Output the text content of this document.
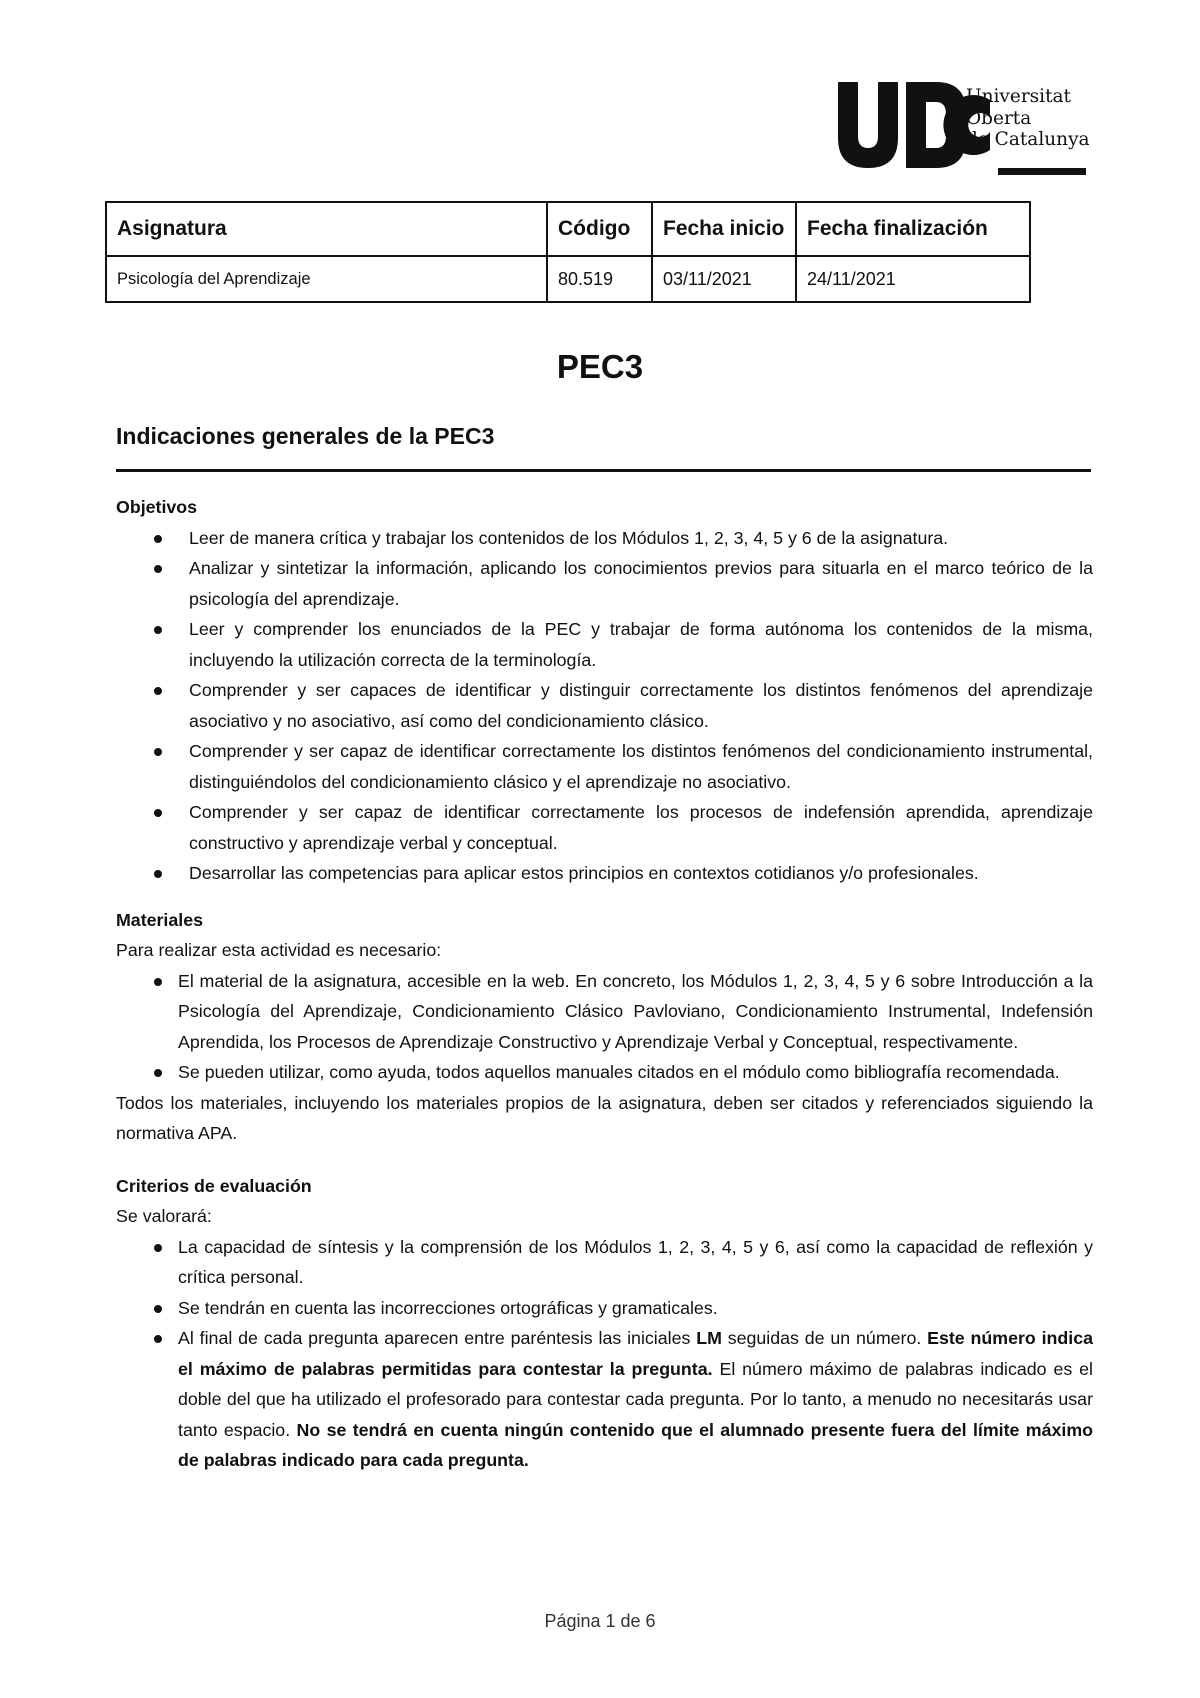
Universitat
Oberta
de Catalunya
Asignatura	Código	Fecha inicio	Fecha finalización
Psicología del Aprendizaje	80.519	03/11/2021	24/11/2021
PEC3
Indicaciones generales de la PEC3

Objetivos

Leer de manera crítica y trabajar los contenidos de los Módulos 1, 2, 3, 4, 5 y 6 de la asignatura.
Analizar y sintetizar la información, aplicando los conocimientos previos para situarla en el marco teórico de la psicología del aprendizaje.
Leer y comprender los enunciados de la PEC y trabajar de forma autónoma los contenidos de la misma, incluyendo la utilización correcta de la terminología.
Comprender y ser capaces de identificar y distinguir correctamente los distintos fenómenos del aprendizaje asociativo y no asociativo, así como del condicionamiento clásico.
Comprender y ser capaz de identificar correctamente los distintos fenómenos del condicionamiento instrumental, distinguiéndolos del condicionamiento clásico y el aprendizaje no asociativo.
Comprender y ser capaz de identificar correctamente los procesos de indefensión aprendida, aprendizaje constructivo y aprendizaje verbal y conceptual.
Desarrollar las competencias para aplicar estos principios en contextos cotidianos y/o profesionales.

Materiales

Para realizar esta actividad es necesario:

El material de la asignatura, accesible en la web. En concreto, los Módulos 1, 2, 3, 4, 5 y 6 sobre Introducción a la Psicología del Aprendizaje, Condicionamiento Clásico Pavloviano, Condicionamiento Instrumental, Indefensión Aprendida, los Procesos de Aprendizaje Constructivo y Aprendizaje Verbal y Conceptual, respectivamente.
Se pueden utilizar, como ayuda, todos aquellos manuales citados en el módulo como bibliografía recomendada.

Todos los materiales, incluyendo los materiales propios de la asignatura, deben ser citados y referenciados siguiendo la normativa APA.

Criterios de evaluación

Se valorará:

La capacidad de síntesis y la comprensión de los Módulos 1, 2, 3, 4, 5 y 6, así como la capacidad de reflexión y crítica personal.
Se tendrán en cuenta las incorrecciones ortográficas y gramaticales.
Al final de cada pregunta aparecen entre paréntesis las iniciales LM seguidas de un número. Este número indica el máximo de palabras permitidas para contestar la pregunta. El número máximo de palabras indicado es el doble del que ha utilizado el profesorado para contestar cada pregunta. Por lo tanto, a menudo no necesitarás usar tanto espacio. No se tendrá en cuenta ningún contenido que el alumnado presente fuera del límite máximo de palabras indicado para cada pregunta.
Página 1 de 6
